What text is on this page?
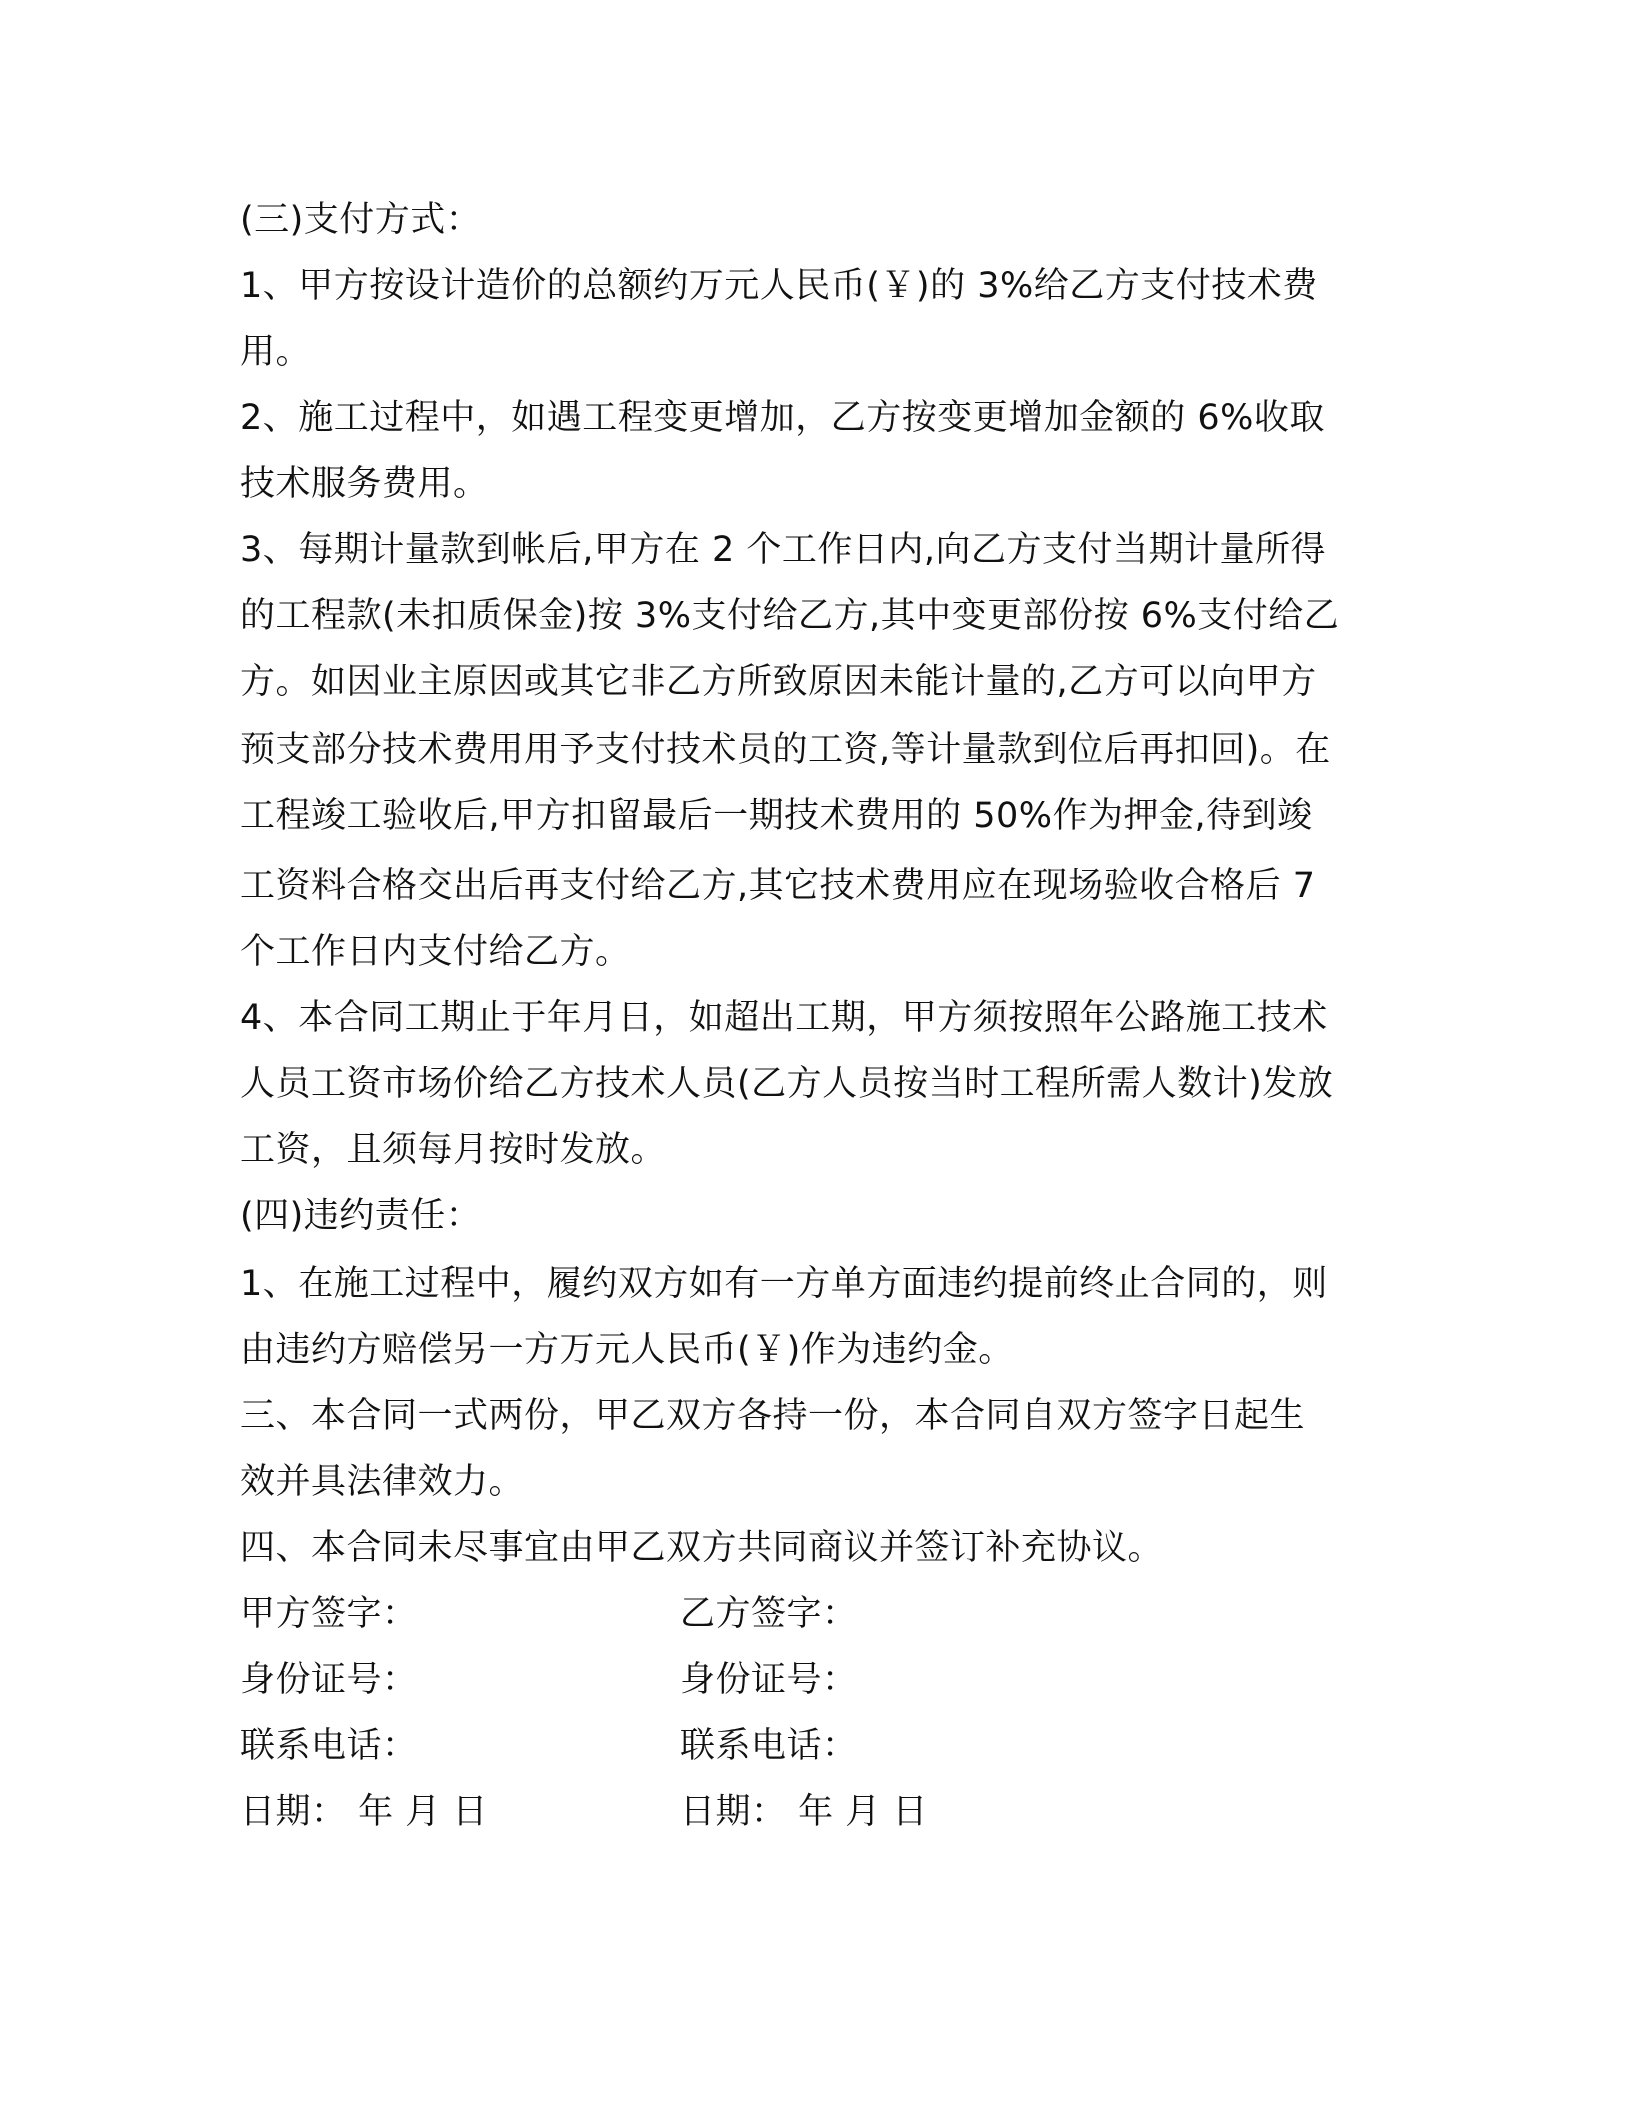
(三)支付方式：
1、甲方按设计造价的总额约万元人民币(￥)的 3%给乙方支付技术费
用。
2、施工过程中，如遇工程变更增加，乙方按变更增加金额的 6%收取
技术服务费用。
3、每期计量款到帐后,甲方在 2 个工作日内,向乙方支付当期计量所得
的工程款(未扣质保金)按 3%支付给乙方,其中变更部份按 6%支付给乙
方。如因业主原因或其它非乙方所致原因未能计量的,乙方可以向甲方
预支部分技术费用用予支付技术员的工资,等计量款到位后再扣回)。在
工程竣工验收后,甲方扣留最后一期技术费用的 50%作为押金,待到竣
工资料合格交出后再支付给乙方,其它技术费用应在现场验收合格后 7
个工作日内支付给乙方。
4、本合同工期止于年月日，如超出工期，甲方须按照年公路施工技术
人员工资市场价给乙方技术人员(乙方人员按当时工程所需人数计)发放
工资，且须每月按时发放。
(四)违约责任：
1、在施工过程中，履约双方如有一方单方面违约提前终止合同的，则
由违约方赔偿另一方万元人民币(￥)作为违约金。
三、本合同一式两份，甲乙双方各持一份，本合同自双方签字日起生
效并具法律效力。
四、本合同未尽事宜由甲乙双方共同商议并签订补充协议。
甲方签字：	乙方签字：
身份证号：	身份证号：
联系电话：	联系电话：
日期： 年 月 日	日期： 年 月 日
